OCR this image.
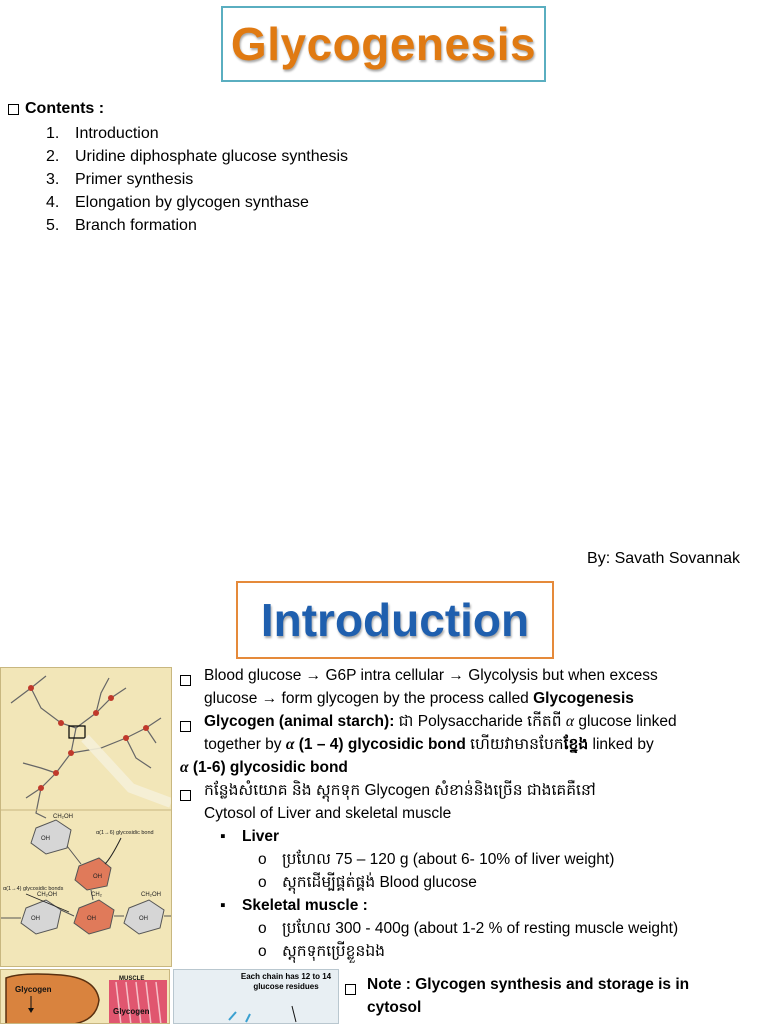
Glycogenesis
Contents :
1. Introduction
2. Uridine diphosphate glucose synthesis
3. Primer synthesis
4. Elongation by glycogen synthase
5. Branch formation
By: Savath Sovannak
Introduction
OH
CH₂OH
OH
OH	OH	OH
CH₂OH	CH₂OH
CH₂
α(1→6) glycosidic bond
α(1→4) glycosidic bonds
Blood glucose → G6P intra cellular → Glycolysis but when excess
glucose → form glycogen by the process called Glycogenesis
Glycogen (animal starch): ជា Polysaccharide កើតពី α glucose linked
together by α (1 – 4) glycosidic bond ហើយវាមានបែកខ្នែង linked by
α (1-6) glycosidic bond
កន្លែងសំយោគ និង ស្តុកទុក Glycogen សំខាន់និងច្រើន ជាងគេគឺនៅ
Cytosol of Liver and skeletal muscle
▪	Liver
o ប្រហែល 75 – 120 g (about 6- 10% of liver weight)
o ស្តុកដើម្បីផ្គត់ផ្គង់ Blood glucose
▪	Skeletal muscle :
o ប្រហែល 300 - 400g (about 1-2 % of resting muscle weight)
o ស្តុកទុកប្រើខ្លួនឯង
Glycogen
MUSCLE
Glycogen
Each chain has 12 to 14 glucose residues	Note : Glycogen synthesis and storage is in cytosol
